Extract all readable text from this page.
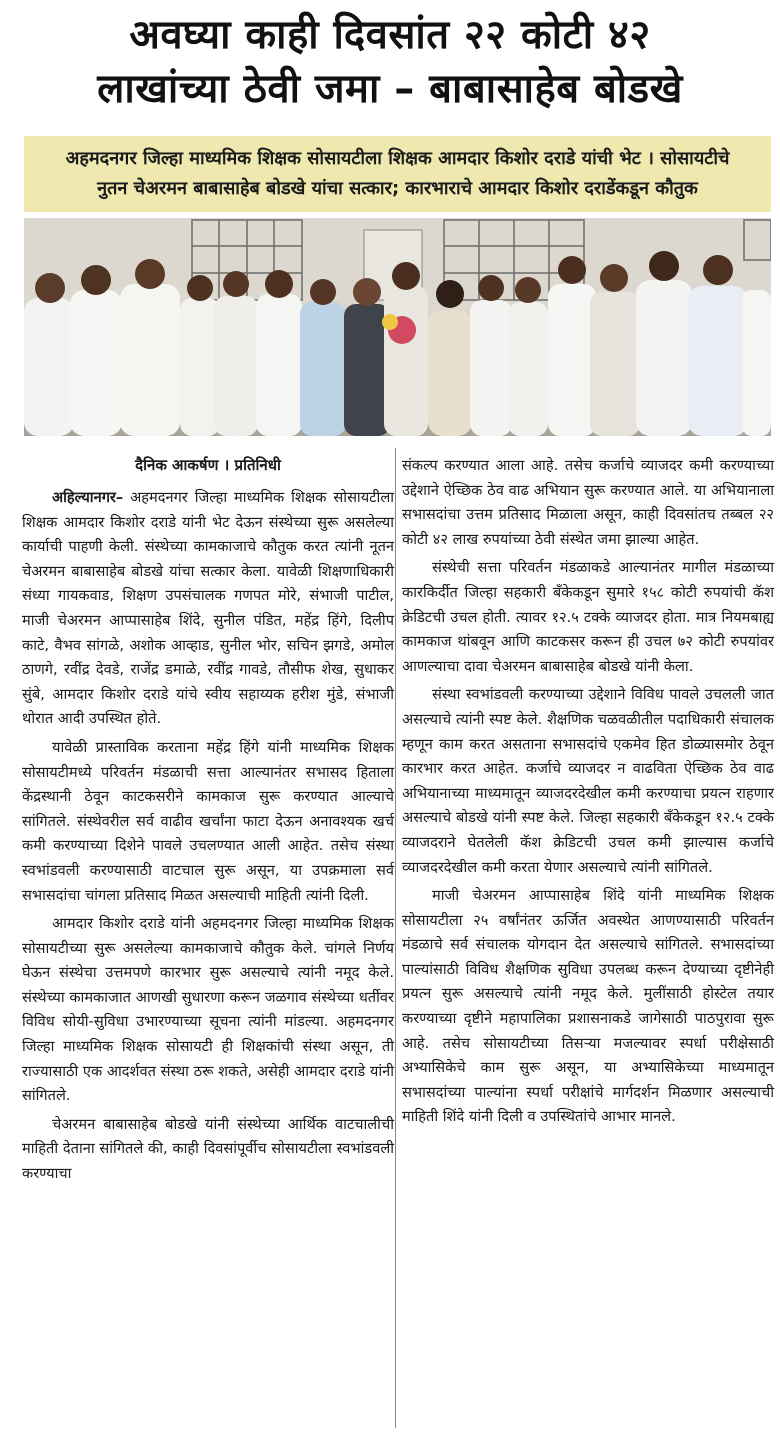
अवघ्या काही दिवसांत २२ कोटी ४२
लाखांच्या ठेवी जमा – बाबासाहेब बोडखे
अहमदनगर जिल्हा माध्यमिक शिक्षक सोसायटीला शिक्षक आमदार किशोर दराडे यांची भेट । सोसायटीचे
नुतन चेअरमन बाबासाहेब बोडखे यांचा सत्कार; कारभाराचे आमदार किशोर दराडेंकडून कौतुक
दैनिक आकर्षण । प्रतिनिधी

अहिल्यानगर– अहमदनगर जिल्हा माध्यमिक शिक्षक सोसायटीला शिक्षक आमदार किशोर दराडे यांनी भेट देऊन संस्थेच्या सुरू असलेल्या कार्याची पाहणी केली. संस्थेच्या कामकाजाचे कौतुक करत त्यांनी नूतन चेअरमन बाबासाहेब बोडखे यांचा सत्कार केला. यावेळी शिक्षणाधिकारी संध्या गायकवाड, शिक्षण उपसंचालक गणपत मोरे, संभाजी पाटील, माजी चेअरमन आप्पासाहेब शिंदे, सुनील पंडित, महेंद्र हिंगे, दिलीप काटे, वैभव सांगळे, अशोक आव्हाड, सुनील भोर, सचिन झगडे, अमोल ठाणगे, रवींद्र देवडे, राजेंद्र डमाळे, रवींद्र गावडे, तौसीफ शेख, सुधाकर सुंबे, आमदार किशोर दराडे यांचे स्वीय सहाय्यक हरीश मुंडे, संभाजी थोरात आदी उपस्थित होते.

यावेळी प्रास्ताविक करताना महेंद्र हिंगे यांनी माध्यमिक शिक्षक सोसायटीमध्ये परिवर्तन मंडळाची सत्ता आल्यानंतर सभासद हिताला केंद्रस्थानी ठेवून काटकसरीने कामकाज सुरू करण्यात आल्याचे सांगितले. संस्थेवरील सर्व वाढीव खर्चांना फाटा देऊन अनावश्यक खर्च कमी करण्याच्या दिशेने पावले उचलण्यात आली आहेत. तसेच संस्था स्वभांडवली करण्यासाठी वाटचाल सुरू असून, या उपक्रमाला सर्व सभासदांचा चांगला प्रतिसाद मिळत असल्याची माहिती त्यांनी दिली.

आमदार किशोर दराडे यांनी अहमदनगर जिल्हा माध्यमिक शिक्षक सोसायटीच्या सुरू असलेल्या कामकाजाचे कौतुक केले. चांगले निर्णय घेऊन संस्थेचा उत्तमपणे कारभार सुरू असल्याचे त्यांनी नमूद केले. संस्थेच्या कामकाजात आणखी सुधारणा करून जळगाव संस्थेच्या धर्तीवर विविध सोयी-सुविधा उभारण्याच्या सूचना त्यांनी मांडल्या. अहमदनगर जिल्हा माध्यमिक शिक्षक सोसायटी ही शिक्षकांची संस्था असून, ती राज्यासाठी एक आदर्शवत संस्था ठरू शकते, असेही आमदार दराडे यांनी सांगितले.

चेअरमन बाबासाहेब बोडखे यांनी संस्थेच्या आर्थिक वाटचालीची माहिती देताना सांगितले की, काही दिवसांपूर्वीच सोसायटीला स्वभांडवली करण्याचा

संकल्प करण्यात आला आहे. तसेच कर्जाचे व्याजदर कमी करण्याच्या उद्देशाने ऐच्छिक ठेव वाढ अभियान सुरू करण्यात आले. या अभियानाला सभासदांचा उत्तम प्रतिसाद मिळाला असून, काही दिवसांतच तब्बल २२ कोटी ४२ लाख रुपयांच्या ठेवी संस्थेत जमा झाल्या आहेत.

संस्थेची सत्ता परिवर्तन मंडळाकडे आल्यानंतर मागील मंडळाच्या कारकिर्दीत जिल्हा सहकारी बँकेकडून सुमारे १५८ कोटी रुपयांची कॅश क्रेडिटची उचल होती. त्यावर १२.५ टक्के व्याजदर होता. मात्र नियमबाह्य कामकाज थांबवून आणि काटकसर करून ही उचल ७२ कोटी रुपयांवर आणल्याचा दावा चेअरमन बाबासाहेब बोडखे यांनी केला.

संस्था स्वभांडवली करण्याच्या उद्देशाने विविध पावले उचलली जात असल्याचे त्यांनी स्पष्ट केले. शैक्षणिक चळवळीतील पदाधिकारी संचालक म्हणून काम करत असताना सभासदांचे एकमेव हित डोळ्यासमोर ठेवून कारभार करत आहेत. कर्जाचे व्याजदर न वाढविता ऐच्छिक ठेव वाढ अभियानाच्या माध्यमातून व्याजदरदेखील कमी करण्याचा प्रयत्न राहणार असल्याचे बोडखे यांनी स्पष्ट केले. जिल्हा सहकारी बँकेकडून १२.५ टक्के व्याजदराने घेतलेली कॅश क्रेडिटची उचल कमी झाल्यास कर्जाचे व्याजदरदेखील कमी करता येणार असल्याचे त्यांनी सांगितले.

माजी चेअरमन आप्पासाहेब शिंदे यांनी माध्यमिक शिक्षक सोसायटीला २५ वर्षांनंतर ऊर्जित अवस्थेत आणण्यासाठी परिवर्तन मंडळाचे सर्व संचालक योगदान देत असल्याचे सांगितले. सभासदांच्या पाल्यांसाठी विविध शैक्षणिक सुविधा उपलब्ध करून देण्याच्या दृष्टीनेही प्रयत्न सुरू असल्याचे त्यांनी नमूद केले. मुलींसाठी होस्टेल तयार करण्याच्या दृष्टीने महापालिका प्रशासनाकडे जागेसाठी पाठपुरावा सुरू आहे. तसेच सोसायटीच्या तिसऱ्या मजल्यावर स्पर्धा परीक्षेसाठी अभ्यासिकेचे काम सुरू असून, या अभ्यासिकेच्या माध्यमातून सभासदांच्या पाल्यांना स्पर्धा परीक्षांचे मार्गदर्शन मिळणार असल्याची माहिती शिंदे यांनी दिली व उपस्थितांचे आभार मानले.
